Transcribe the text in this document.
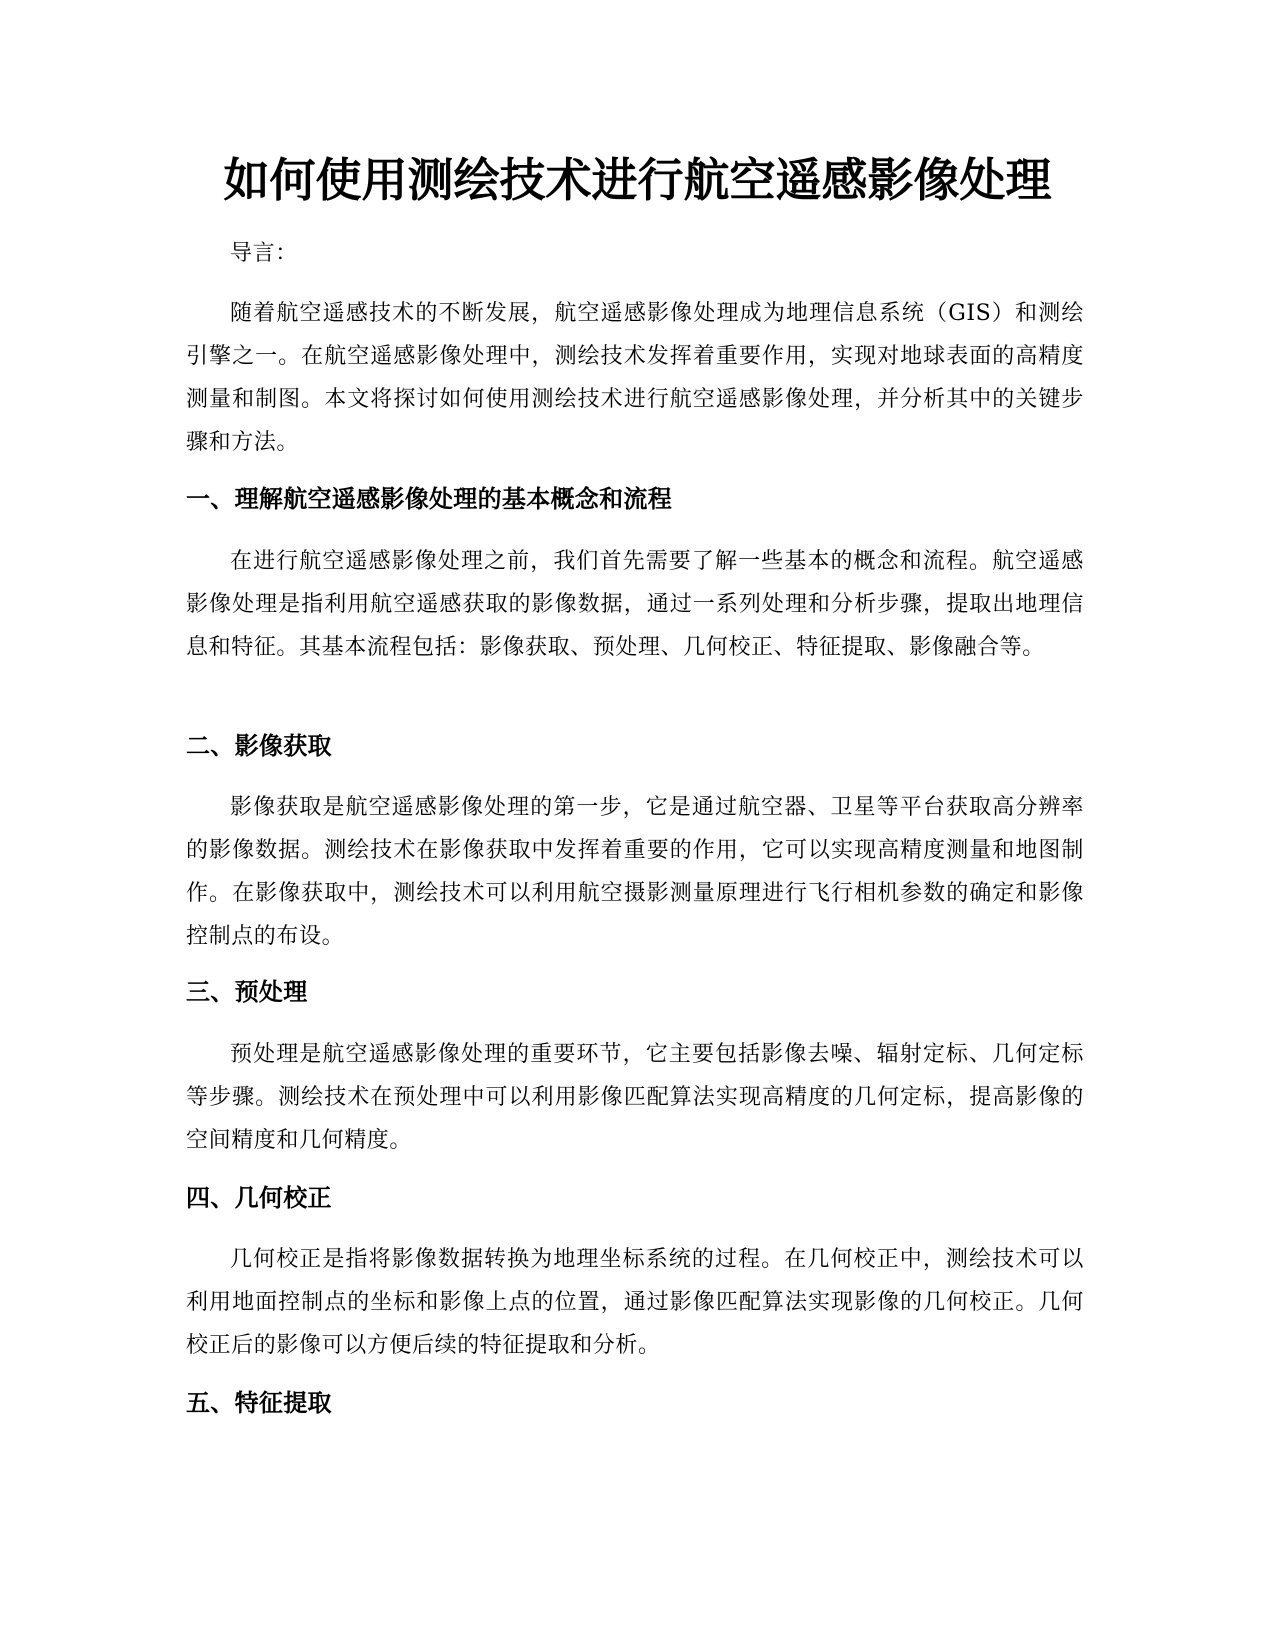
如何使用测绘技术进行航空遥感影像处理

导言：

随着航空遥感技术的不断发展，航空遥感影像处理成为地理信息系统（GIS）和测绘引擎之一。在航空遥感影像处理中，测绘技术发挥着重要作用，实现对地球表面的高精度测量和制图。本文将探讨如何使用测绘技术进行航空遥感影像处理，并分析其中的关键步骤和方法。

一、理解航空遥感影像处理的基本概念和流程

在进行航空遥感影像处理之前，我们首先需要了解一些基本的概念和流程。航空遥感影像处理是指利用航空遥感获取的影像数据，通过一系列处理和分析步骤，提取出地理信息和特征。其基本流程包括：影像获取、预处理、几何校正、特征提取、影像融合等。

二、影像获取

影像获取是航空遥感影像处理的第一步，它是通过航空器、卫星等平台获取高分辨率的影像数据。测绘技术在影像获取中发挥着重要的作用，它可以实现高精度测量和地图制作。在影像获取中，测绘技术可以利用航空摄影测量原理进行飞行相机参数的确定和影像控制点的布设。

三、预处理

预处理是航空遥感影像处理的重要环节，它主要包括影像去噪、辐射定标、几何定标等步骤。测绘技术在预处理中可以利用影像匹配算法实现高精度的几何定标，提高影像的空间精度和几何精度。

四、几何校正

几何校正是指将影像数据转换为地理坐标系统的过程。在几何校正中，测绘技术可以利用地面控制点的坐标和影像上点的位置，通过影像匹配算法实现影像的几何校正。几何校正后的影像可以方便后续的特征提取和分析。

五、特征提取
